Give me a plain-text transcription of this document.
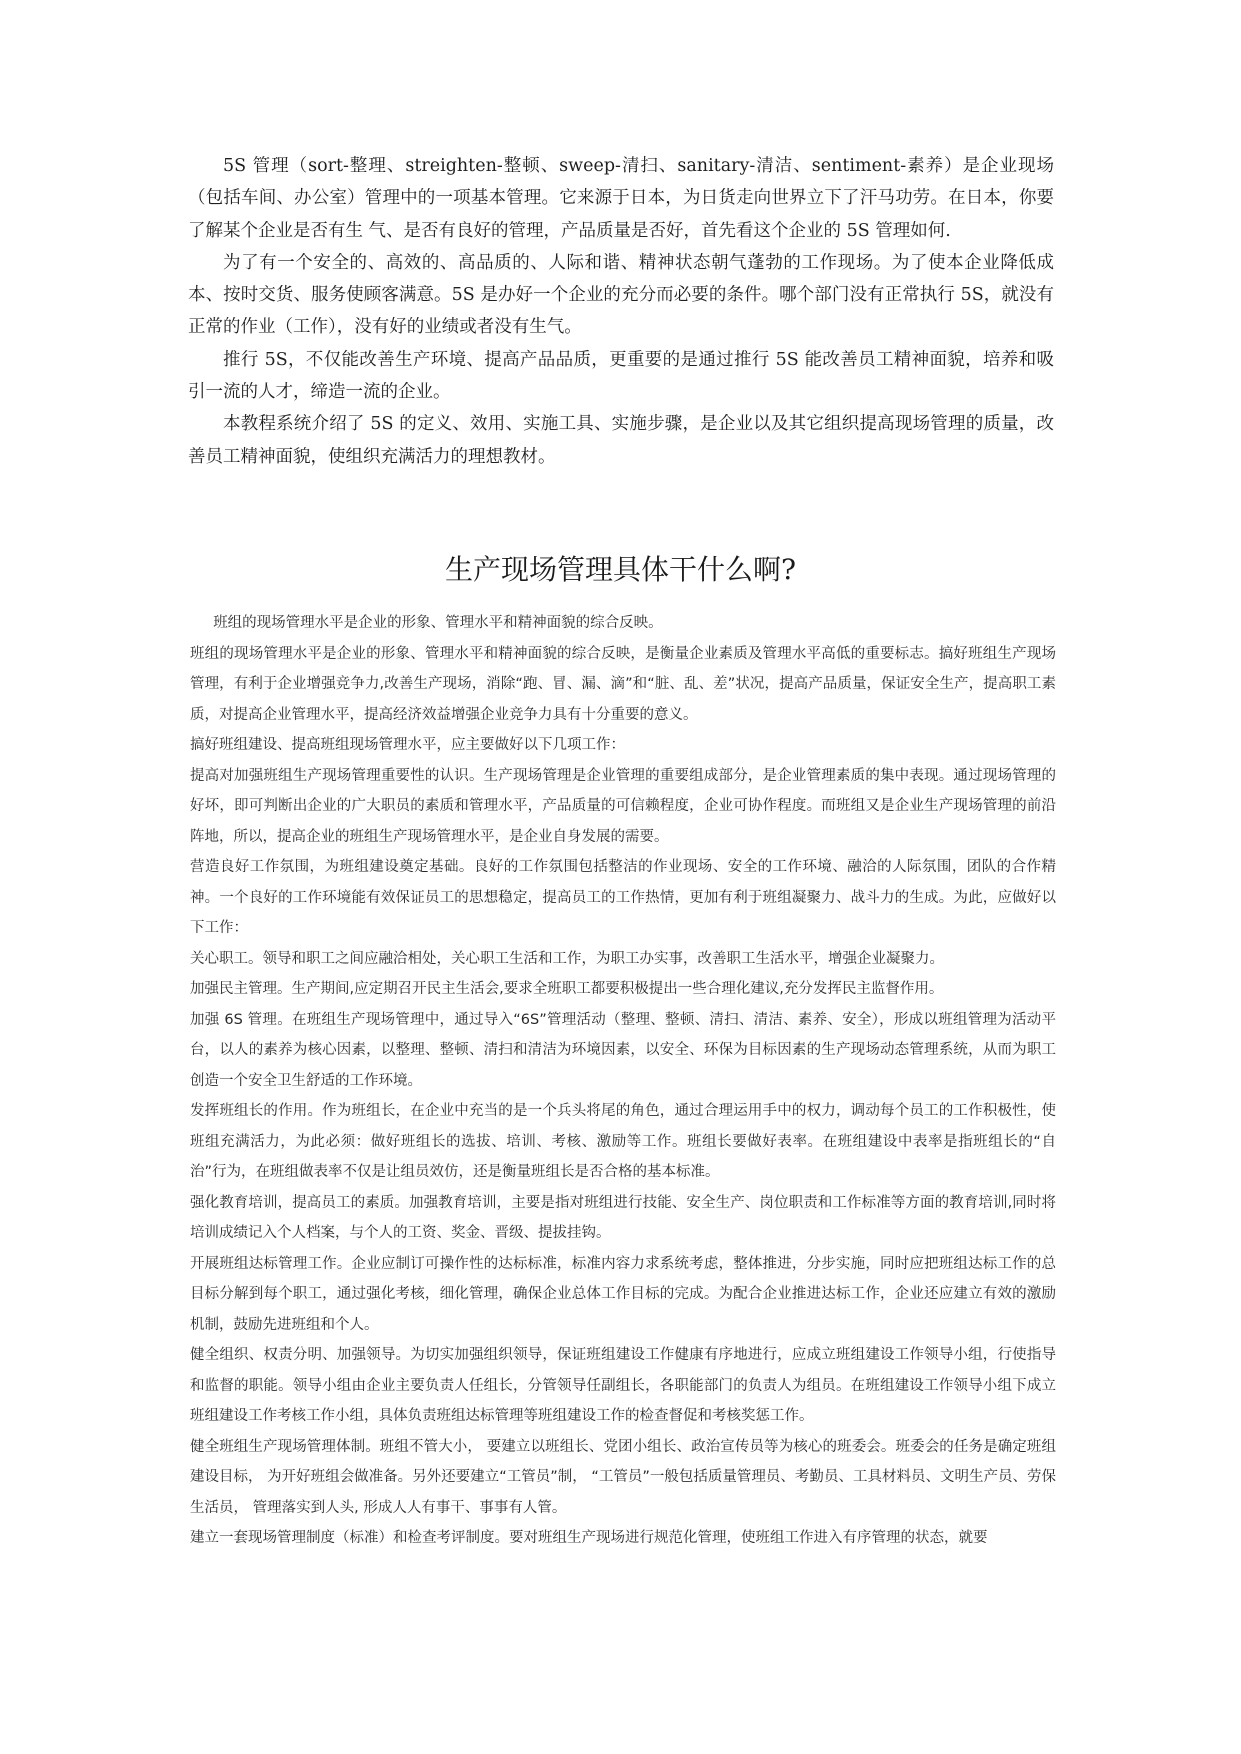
5S 管理（sort-整理、streighten-整顿、sweep-清扫、sanitary-清洁、sentiment-素养）是企业现场（包括车间、办公室）管理中的一项基本管理。它来源于日本，为日货走向世界立下了汗马功劳。在日本，你要了解某个企业是否有生 气、是否有良好的管理，产品质量是否好，首先看这个企业的 5S 管理如何.

为了有一个安全的、高效的、高品质的、人际和谐、精神状态朝气蓬勃的工作现场。为了使本企业降低成本、按时交货、服务使顾客满意。5S 是办好一个企业的充分而必要的条件。哪个部门没有正常执行 5S，就没有正常的作业（工作），没有好的业绩或者没有生气。

推行 5S，不仅能改善生产环境、提高产品品质，更重要的是通过推行 5S 能改善员工精神面貌，培养和吸引一流的人才，缔造一流的企业。

本教程系统介绍了 5S 的定义、效用、实施工具、实施步骤，是企业以及其它组织提高现场管理的质量，改善员工精神面貌，使组织充满活力的理想教材。

生产现场管理具体干什么啊?

班组的现场管理水平是企业的形象、管理水平和精神面貌的综合反映。

班组的现场管理水平是企业的形象、管理水平和精神面貌的综合反映，是衡量企业素质及管理水平高低的重要标志。搞好班组生产现场管理，有利于企业增强竞争力,改善生产现场，消除“跑、冒、漏、滴”和“脏、乱、差”状况，提高产品质量，保证安全生产，提高职工素质，对提高企业管理水平，提高经济效益增强企业竞争力具有十分重要的意义。

搞好班组建设、提高班组现场管理水平，应主要做好以下几项工作：

提高对加强班组生产现场管理重要性的认识。生产现场管理是企业管理的重要组成部分，是企业管理素质的集中表现。通过现场管理的好坏，即可判断出企业的广大职员的素质和管理水平，产品质量的可信赖程度，企业可协作程度。而班组又是企业生产现场管理的前沿阵地，所以，提高企业的班组生产现场管理水平，是企业自身发展的需要。

营造良好工作氛围，为班组建设奠定基础。良好的工作氛围包括整洁的作业现场、安全的工作环境、融洽的人际氛围，团队的合作精神。一个良好的工作环境能有效保证员工的思想稳定，提高员工的工作热情，更加有利于班组凝聚力、战斗力的生成。为此，应做好以下工作：

关心职工。领导和职工之间应融洽相处，关心职工生活和工作，为职工办实事，改善职工生活水平，增强企业凝聚力。

加强民主管理。生产期间,应定期召开民主生活会,要求全班职工都要积极提出一些合理化建议,充分发挥民主监督作用。

加强 6S 管理。在班组生产现场管理中，通过导入“6S”管理活动（整理、整顿、清扫、清洁、素养、安全），形成以班组管理为活动平台，以人的素养为核心因素，以整理、整顿、清扫和清洁为环境因素，以安全、环保为目标因素的生产现场动态管理系统，从而为职工创造一个安全卫生舒适的工作环境。

发挥班组长的作用。作为班组长，在企业中充当的是一个兵头将尾的角色，通过合理运用手中的权力，调动每个员工的工作积极性，使班组充满活力，为此必须：做好班组长的选拔、培训、考核、激励等工作。班组长要做好表率。在班组建设中表率是指班组长的“自治”行为，在班组做表率不仅是让组员效仿，还是衡量班组长是否合格的基本标准。

强化教育培训，提高员工的素质。加强教育培训，主要是指对班组进行技能、安全生产、岗位职责和工作标准等方面的教育培训,同时将培训成绩记入个人档案，与个人的工资、奖金、晋级、提拔挂钩。

开展班组达标管理工作。企业应制订可操作性的达标标准，标准内容力求系统考虑，整体推进，分步实施，同时应把班组达标工作的总目标分解到每个职工，通过强化考核，细化管理，确保企业总体工作目标的完成。为配合企业推进达标工作，企业还应建立有效的激励机制，鼓励先进班组和个人。

健全组织、权责分明、加强领导。为切实加强组织领导，保证班组建设工作健康有序地进行，应成立班组建设工作领导小组，行使指导和监督的职能。领导小组由企业主要负责人任组长，分管领导任副组长，各职能部门的负责人为组员。在班组建设工作领导小组下成立班组建设工作考核工作小组，具体负责班组达标管理等班组建设工作的检查督促和考核奖惩工作。

健全班组生产现场管理体制。班组不管大小， 要建立以班组长、党团小组长、政治宣传员等为核心的班委会。班委会的任务是确定班组建设目标， 为开好班组会做准备。另外还要建立“工管员”制， “工管员”一般包括质量管理员、考勤员、工具材料员、文明生产员、劳保生活员， 管理落实到人头, 形成人人有事干、事事有人管。

建立一套现场管理制度（标准）和检查考评制度。要对班组生产现场进行规范化管理，使班组工作进入有序管理的状态，就要
